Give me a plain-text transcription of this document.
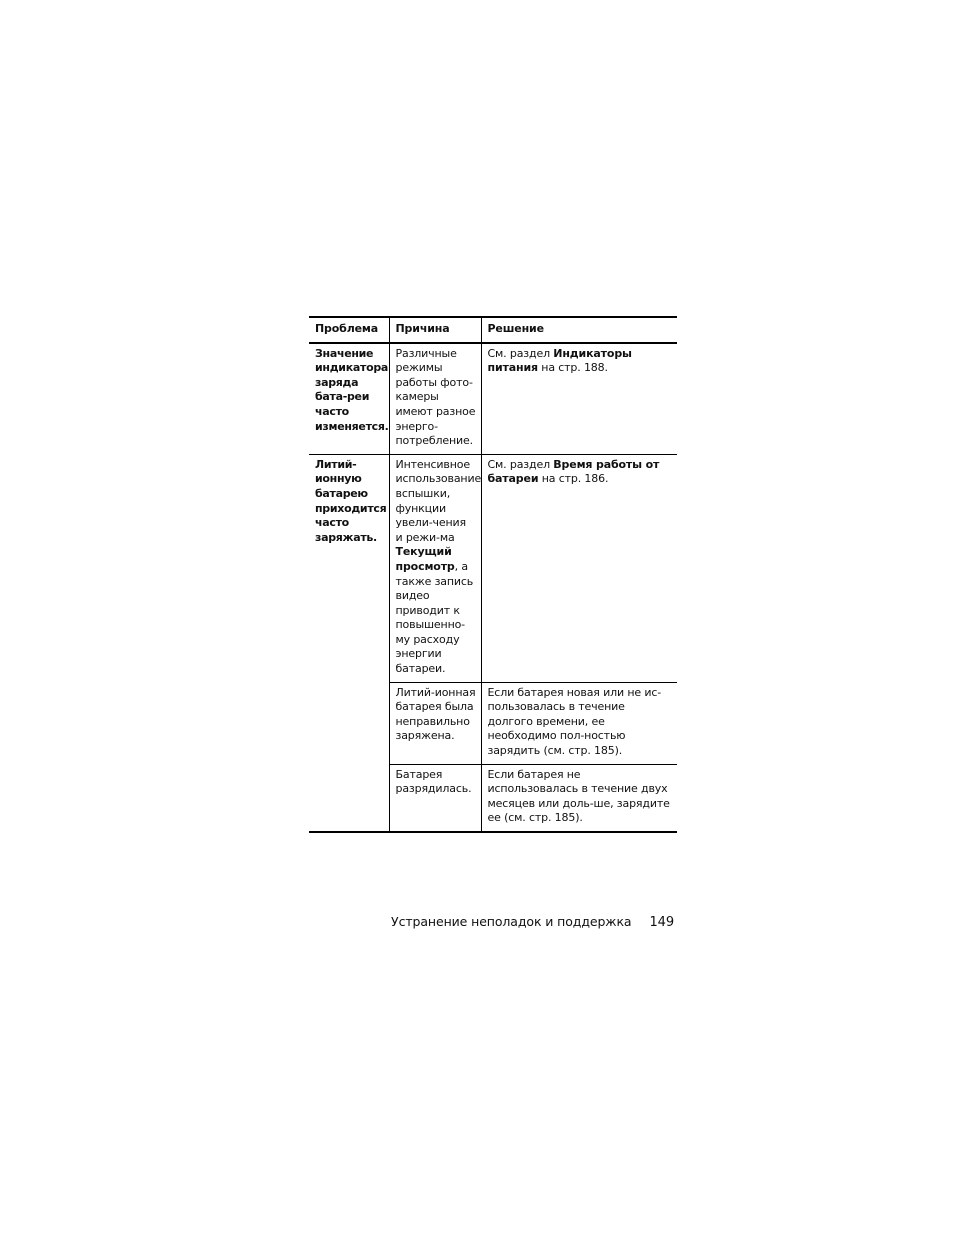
Проблема	Причина	Решение
Значение индикатора заряда бата-реи часто изменяется.	Различные режимы работы фото-камеры имеют разное энерго-потребление.	См. раздел Индикаторы питания на стр. 188.
Литий-ионную батарею приходится часто заряжать.	Интенсивное использование вспышки, функции увели-чения и режи-ма Текущий просмотр, а также запись видео приводит к повышенно-му расходу энергии батареи.	См. раздел Время работы от батареи на стр. 186.
	Литий-ионная батарея была неправильно заряжена.	Если батарея новая или не ис-пользовалась в течение долгого времени, ее необходимо пол-ностью зарядить (см. стр. 185).
	Батарея разрядилась.	Если батарея не использовалась в течение двух месяцев или доль-ше, зарядите ее (см. стр. 185).
Устранение неполадок и поддержка 149
